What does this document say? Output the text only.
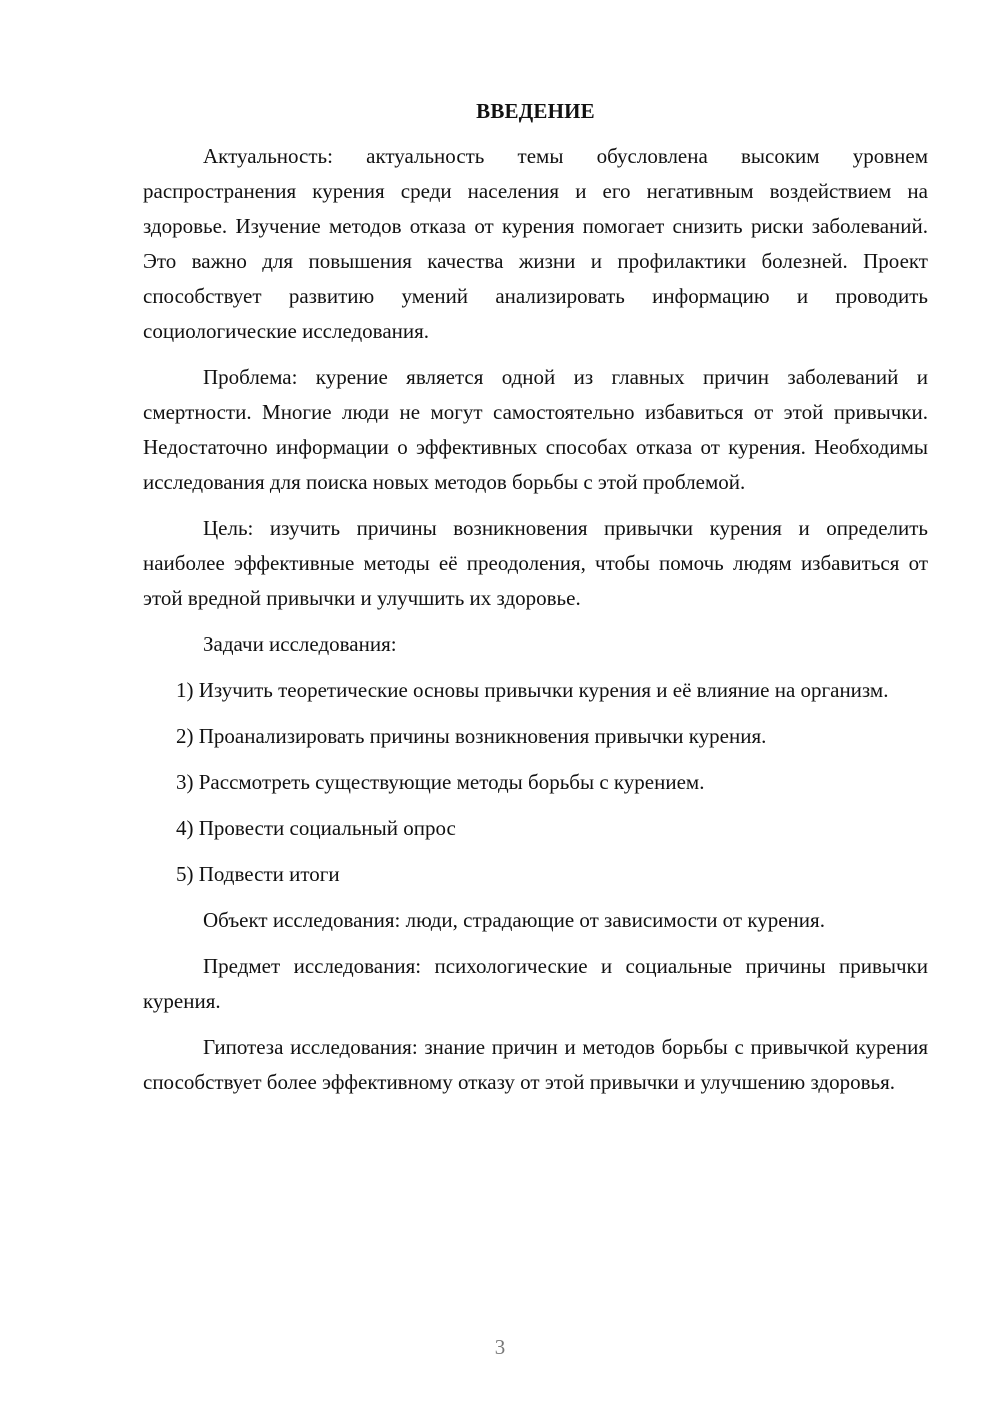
ВВЕДЕНИЕ

Актуальность: актуальность темы обусловлена высоким уровнем распространения курения среди населения и его негативным воздействием на здоровье. Изучение методов отказа от курения помогает снизить риски заболеваний. Это важно для повышения качества жизни и профилактики болезней. Проект способствует развитию умений анализировать информацию и проводить социологические исследования.

Проблема: курение является одной из главных причин заболеваний и смертности. Многие люди не могут самостоятельно избавиться от этой привычки. Недостаточно информации о эффективных способах отказа от курения. Необходимы исследования для поиска новых методов борьбы с этой проблемой.

Цель: изучить причины возникновения привычки курения и определить наиболее эффективные методы её преодоления, чтобы помочь людям избавиться от этой вредной привычки и улучшить их здоровье.

Задачи исследования:

1) Изучить теоретические основы привычки курения и её влияние на организм.

2) Проанализировать причины возникновения привычки курения.

3) Рассмотреть существующие методы борьбы с курением.

4) Провести социальный опрос

5) Подвести итоги

Объект исследования: люди, страдающие от зависимости от курения.

Предмет исследования: психологические и социальные причины привычки курения.

Гипотеза исследования: знание причин и методов борьбы с привычкой курения способствует более эффективному отказу от этой привычки и улучшению здоровья.

3
